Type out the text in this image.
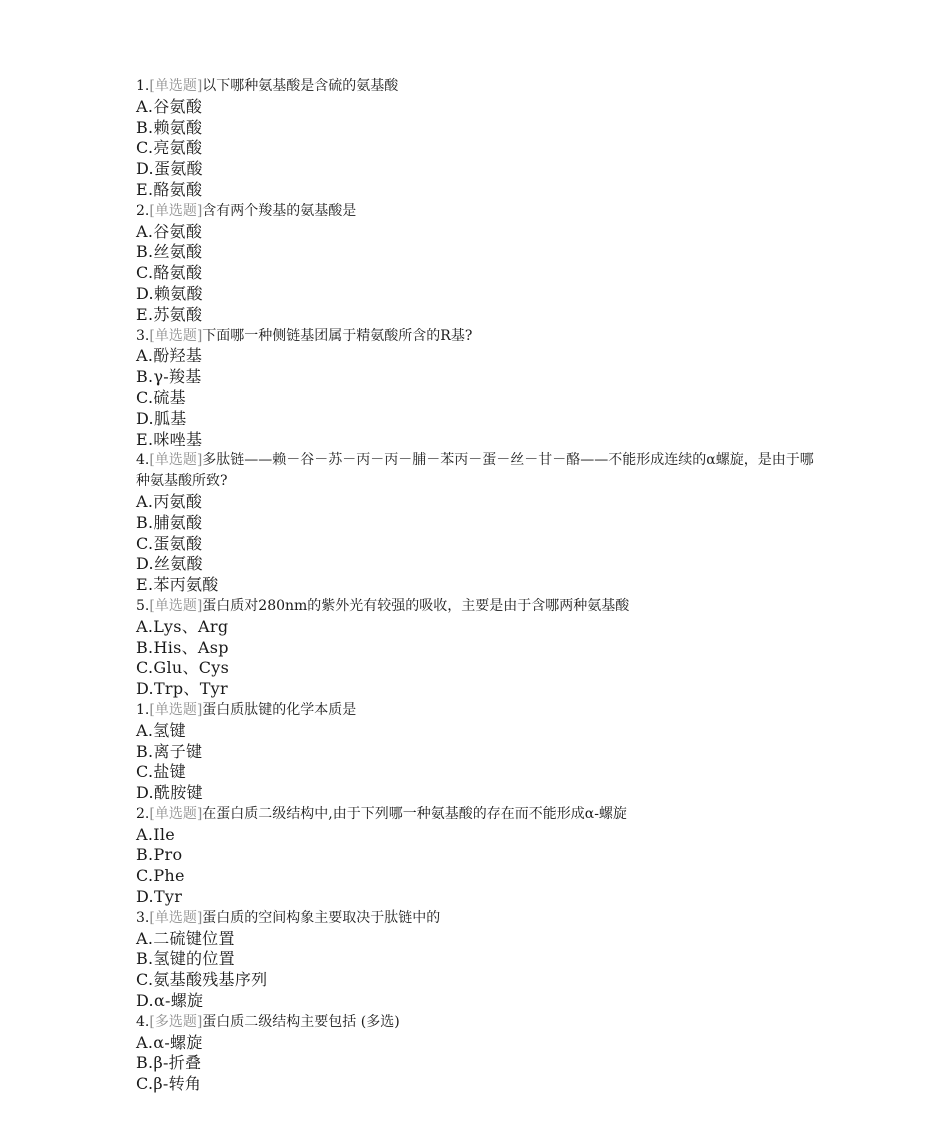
1.[单选题]以下哪种氨基酸是含硫的氨基酸
A.谷氨酸
B.赖氨酸
C.亮氨酸
D.蛋氨酸
E.酪氨酸
2.[单选题]含有两个羧基的氨基酸是
A.谷氨酸
B.丝氨酸
C.酪氨酸
D.赖氨酸
E.苏氨酸
3.[单选题]下面哪一种侧链基团属于精氨酸所含的R基?
A.酚羟基
B.γ-羧基
C.硫基
D.胍基
E.咪唑基
4.[单选题]多肽链——赖－谷－苏－丙－丙－脯－苯丙－蛋－丝－甘－酪——不能形成连续的α螺旋，是由于哪种氨基酸所致?
A.丙氨酸
B.脯氨酸
C.蛋氨酸
D.丝氨酸
E.苯丙氨酸
5.[单选题]蛋白质对280nm的紫外光有较强的吸收，主要是由于含哪两种氨基酸
A.Lys、Arg
B.His、Asp
C.Glu、Cys
D.Trp、Tyr
1.[单选题]蛋白质肽键的化学本质是
A.氢键
B.离子键
C.盐键
D.酰胺键
2.[单选题]在蛋白质二级结构中,由于下列哪一种氨基酸的存在而不能形成α-螺旋
A.Ile
B.Pro
C.Phe
D.Tyr
3.[单选题]蛋白质的空间构象主要取决于肽链中的
A.二硫键位置
B.氢键的位置
C.氨基酸残基序列
D.α-螺旋
4.[多选题]蛋白质二级结构主要包括 (多选)
A.α-螺旋
B.β-折叠
C.β-转角
